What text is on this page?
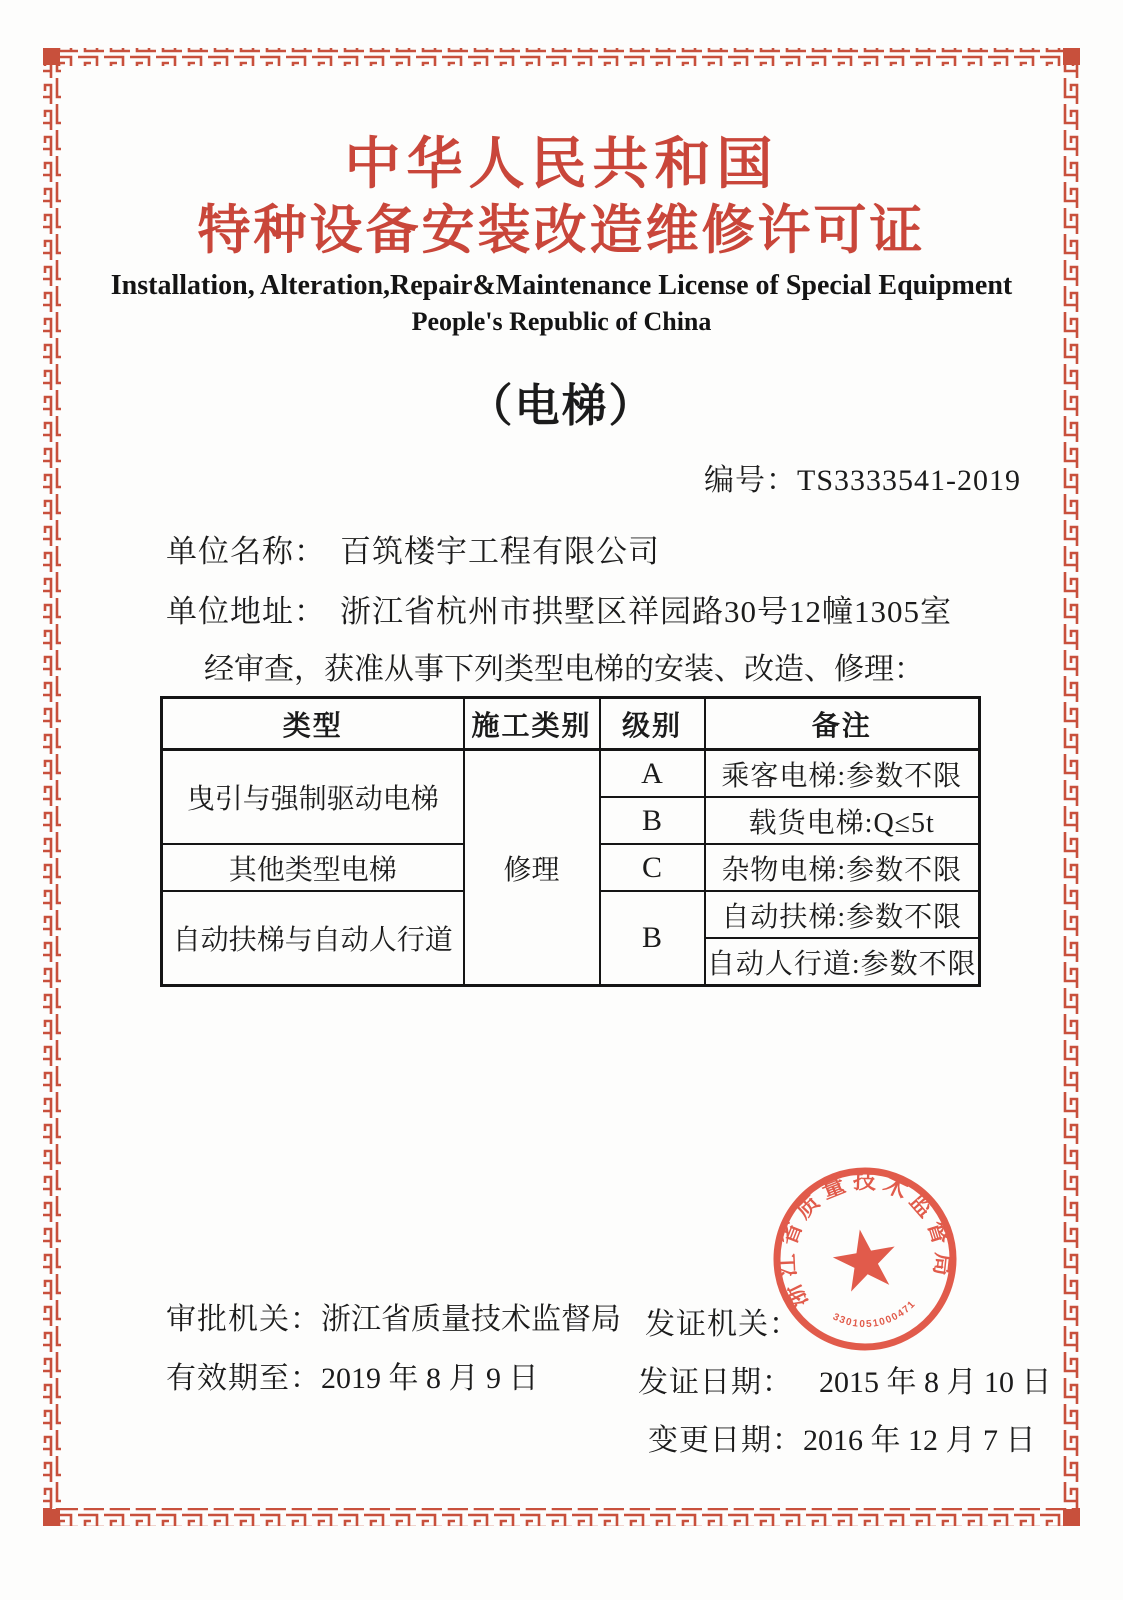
中华人民共和国
特种设备安装改造维修许可证
Installation, Alteration,Repair&Maintenance License of Special Equipment
People's Republic of China
（电梯）
编号：TS3333541-2019
单位名称： 百筑楼宇工程有限公司
单位地址： 浙江省杭州市拱墅区祥园路30号12幢1305室
经审查，获准从事下列类型电梯的安装、改造、修理：
类型	施工类别	级别	备注
曳引与强制驱动电梯	修理	A	乘客电梯:参数不限
		B	载货电梯:Q≤5t
其他类型电梯		C	杂物电梯:参数不限
自动扶梯与自动人行道		B	自动扶梯:参数不限
			自动人行道:参数不限
审批机关：浙江省质量技术监督局 发证机关：
有效期至：2019 年 8 月 9 日	发证日期： 2015 年 8 月 10 日
变更日期：2016 年 12 月 7 日
浙江省质量技术监督局
3301051000471
